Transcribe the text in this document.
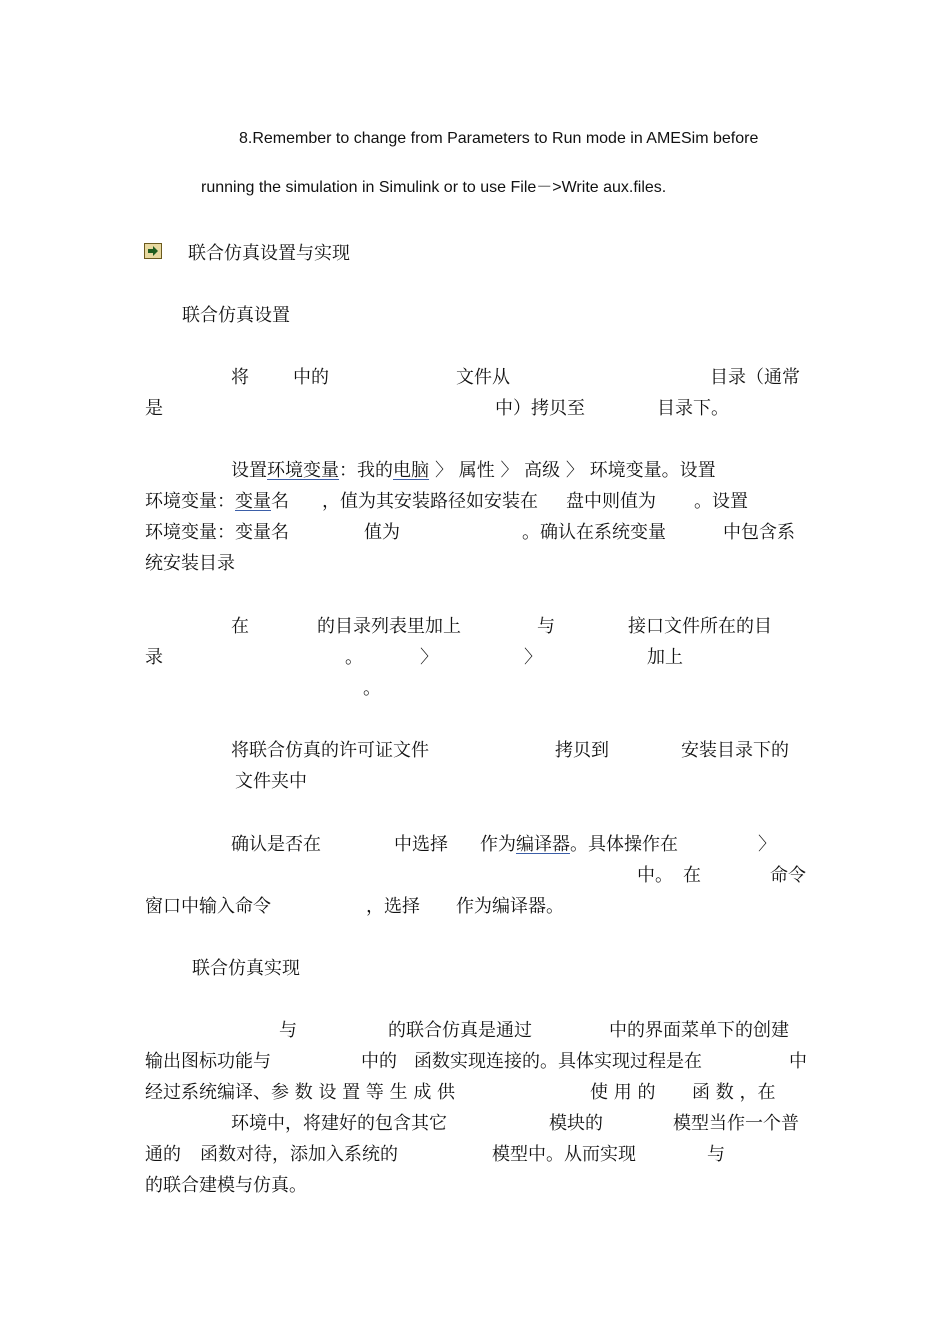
8.Remember to change from Parameters to Run mode in AMESim before
running the simulation in Simulink or to use File－>Write aux.files.
联合仿真设置与实现
联合仿真设置
将 中的	文件从	目录（通常
是	中）拷贝至	目录下。
设置环境变量：我的电脑 〉 属性 〉 高级 〉 环境变量。设置
环境变量：变量名 ，值为其安装路径如安装在 盘中则值为 。设置
环境变量：变量名	值为	。确认在系统变量	中包含系
统安装目录
在	的目录列表里加上	与	接口文件所在的目
录	。	〉	〉	加上
。
将联合仿真的许可证文件	拷贝到	安装目录下的
文件夹中
确认是否在	中选择 作为编译器。具体操作在	〉
中。 在	命令
窗口中输入命令	，选择 作为编译器。
联合仿真实现
与	的联合仿真是通过	中的界面菜单下的创建
输出图标功能与	中的 函数实现连接的。具体实现过程是在	中
经过系统编译、参 数 设 置 等 生 成 供	使 用 的 函 数 ，在
环境中，将建好的包含其它	模块的	模型当作一个普
通的 函数对待，添加入系统的	模型中。从而实现	与
的联合建模与仿真。
